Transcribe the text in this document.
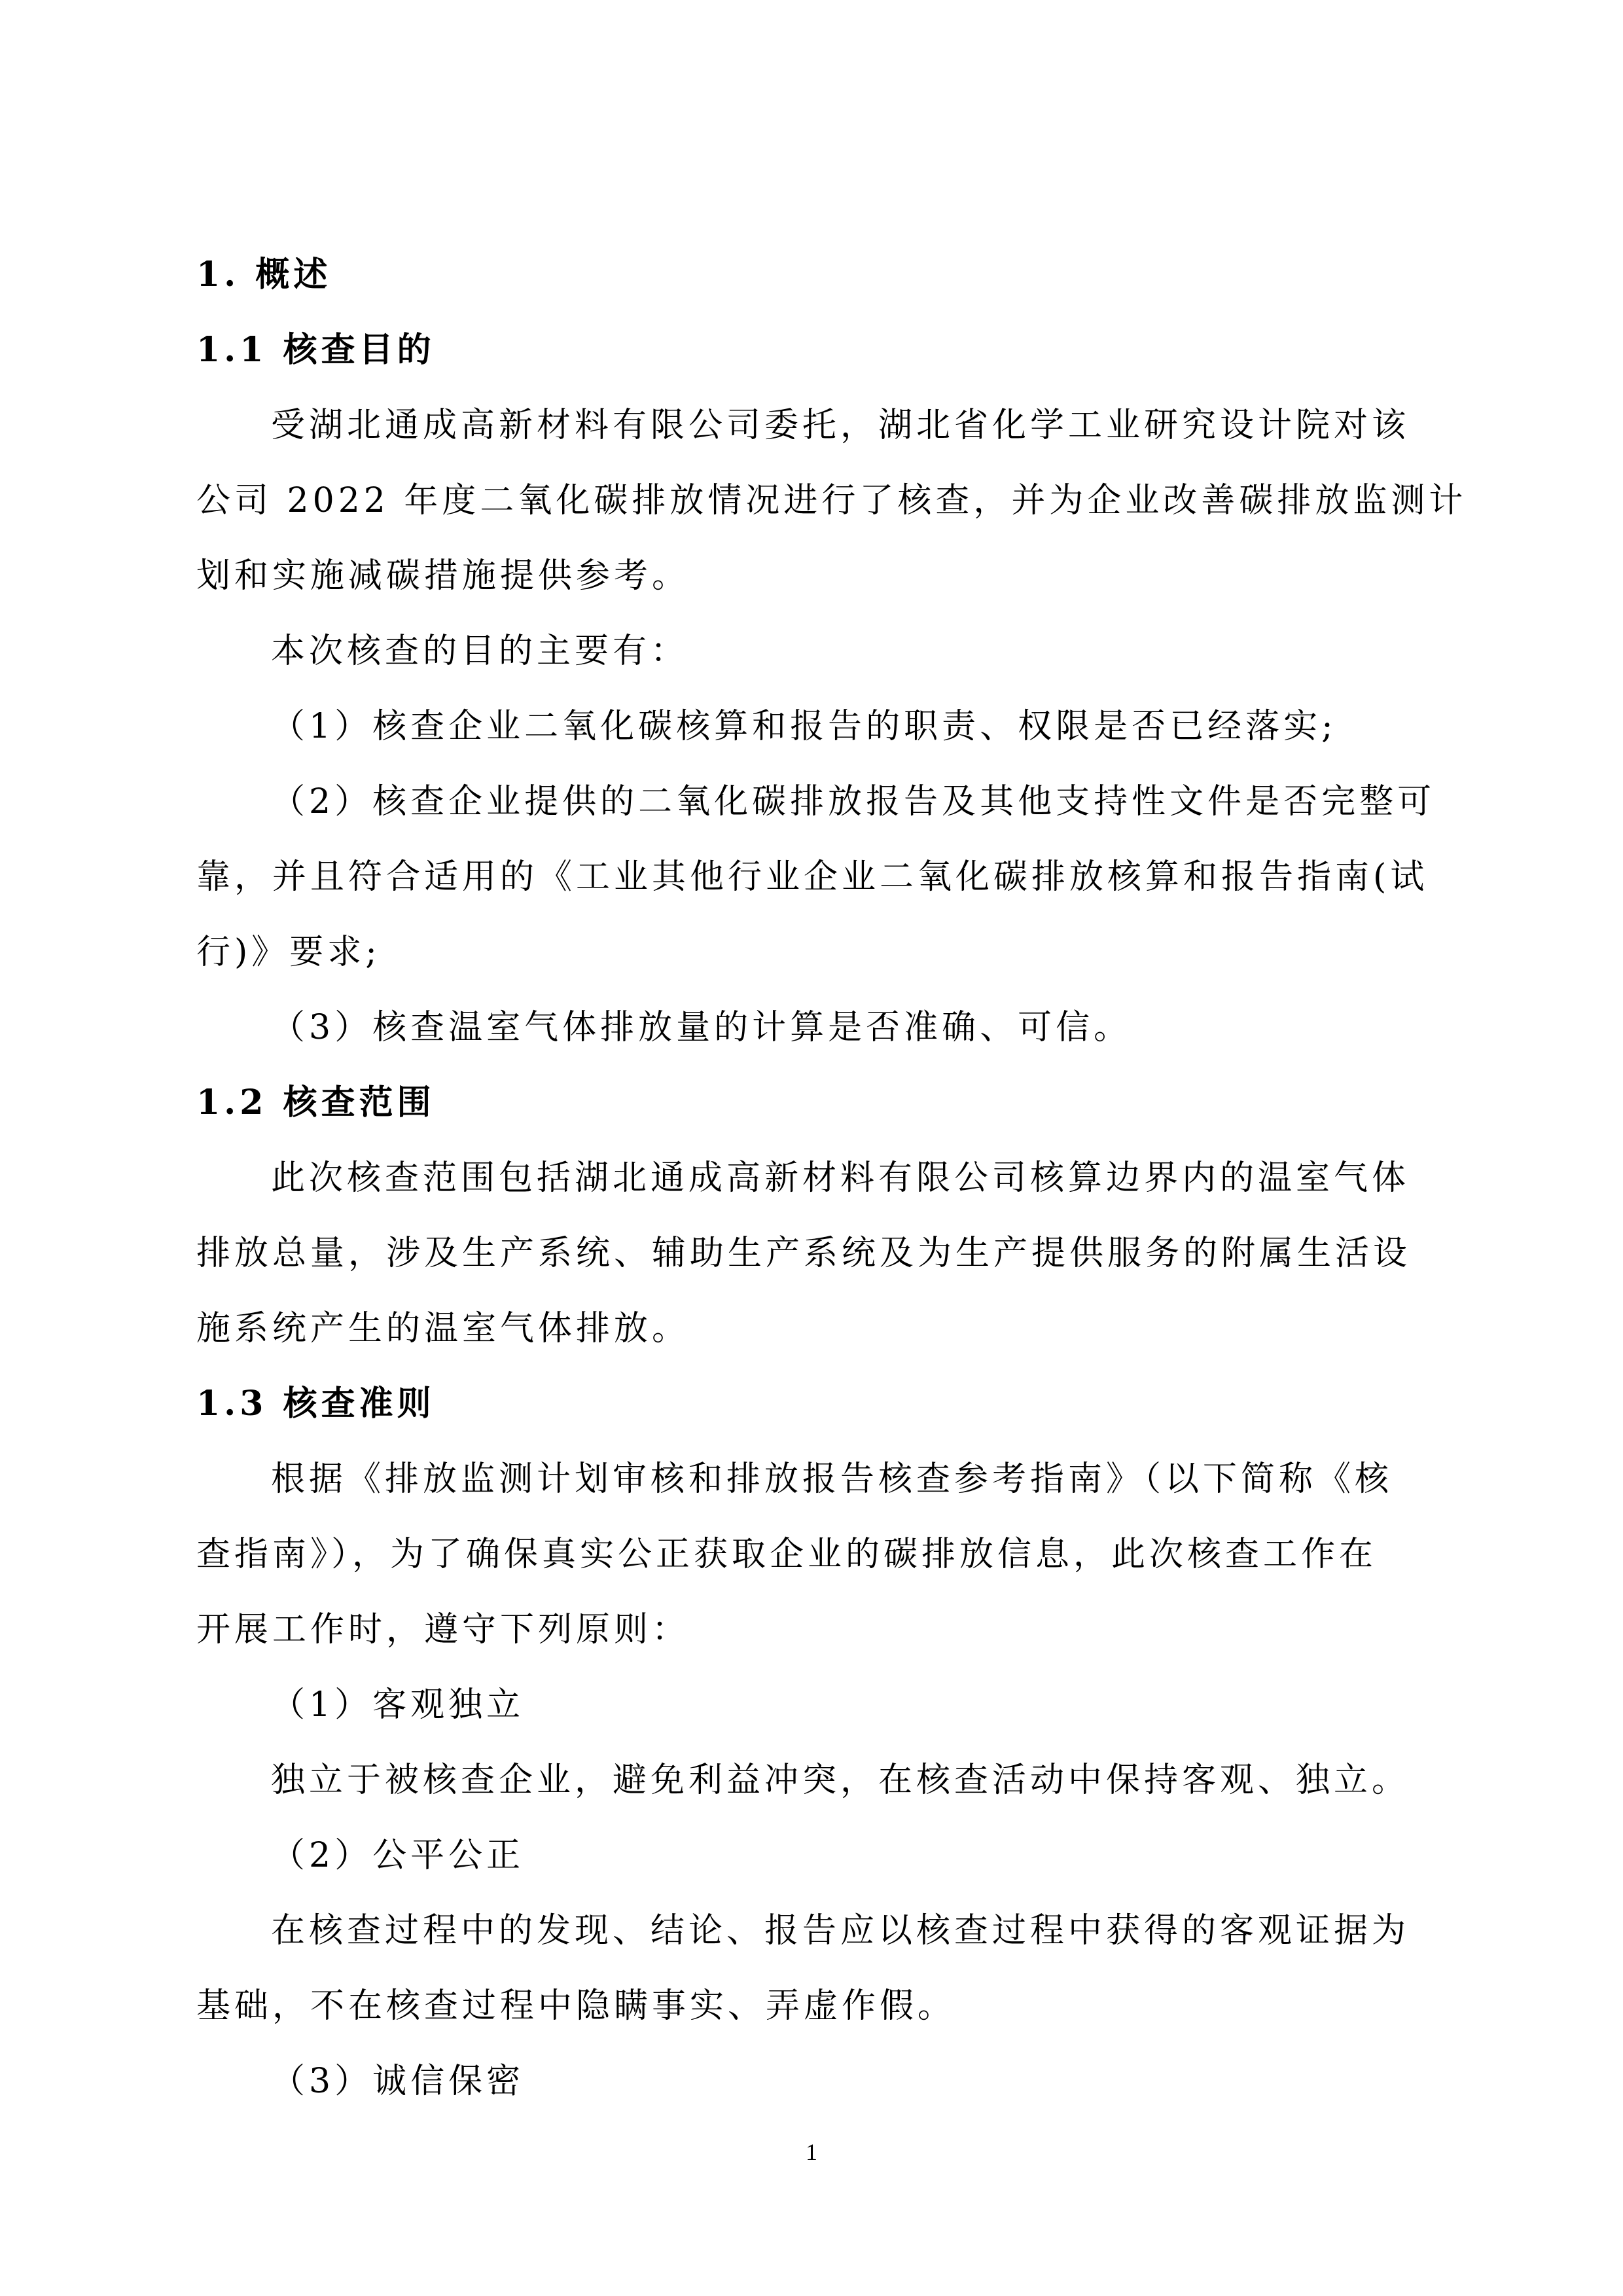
1. 概述
1.1 核查目的
受湖北通成高新材料有限公司委托，湖北省化学工业研究设计院对该
公司 2022 年度二氧化碳排放情况进行了核查，并为企业改善碳排放监测计
划和实施减碳措施提供参考。
本次核查的目的主要有：
（1）核查企业二氧化碳核算和报告的职责、权限是否已经落实;
（2）核查企业提供的二氧化碳排放报告及其他支持性文件是否完整可
靠，并且符合适用的《工业其他行业企业二氧化碳排放核算和报告指南(试
行)》要求;
（3）核查温室气体排放量的计算是否准确、可信。
1.2 核查范围
此次核查范围包括湖北通成高新材料有限公司核算边界内的温室气体
排放总量，涉及生产系统、辅助生产系统及为生产提供服务的附属生活设
施系统产生的温室气体排放。
1.3 核查准则
根据《排放监测计划审核和排放报告核查参考指南》（以下简称《核
查指南》），为了确保真实公正获取企业的碳排放信息，此次核查工作在
开展工作时，遵守下列原则：
（1）客观独立
独立于被核查企业，避免利益冲突，在核查活动中保持客观、独立。
（2）公平公正
在核查过程中的发现、结论、报告应以核查过程中获得的客观证据为
基础，不在核查过程中隐瞒事实、弄虚作假。
（3）诚信保密
1
